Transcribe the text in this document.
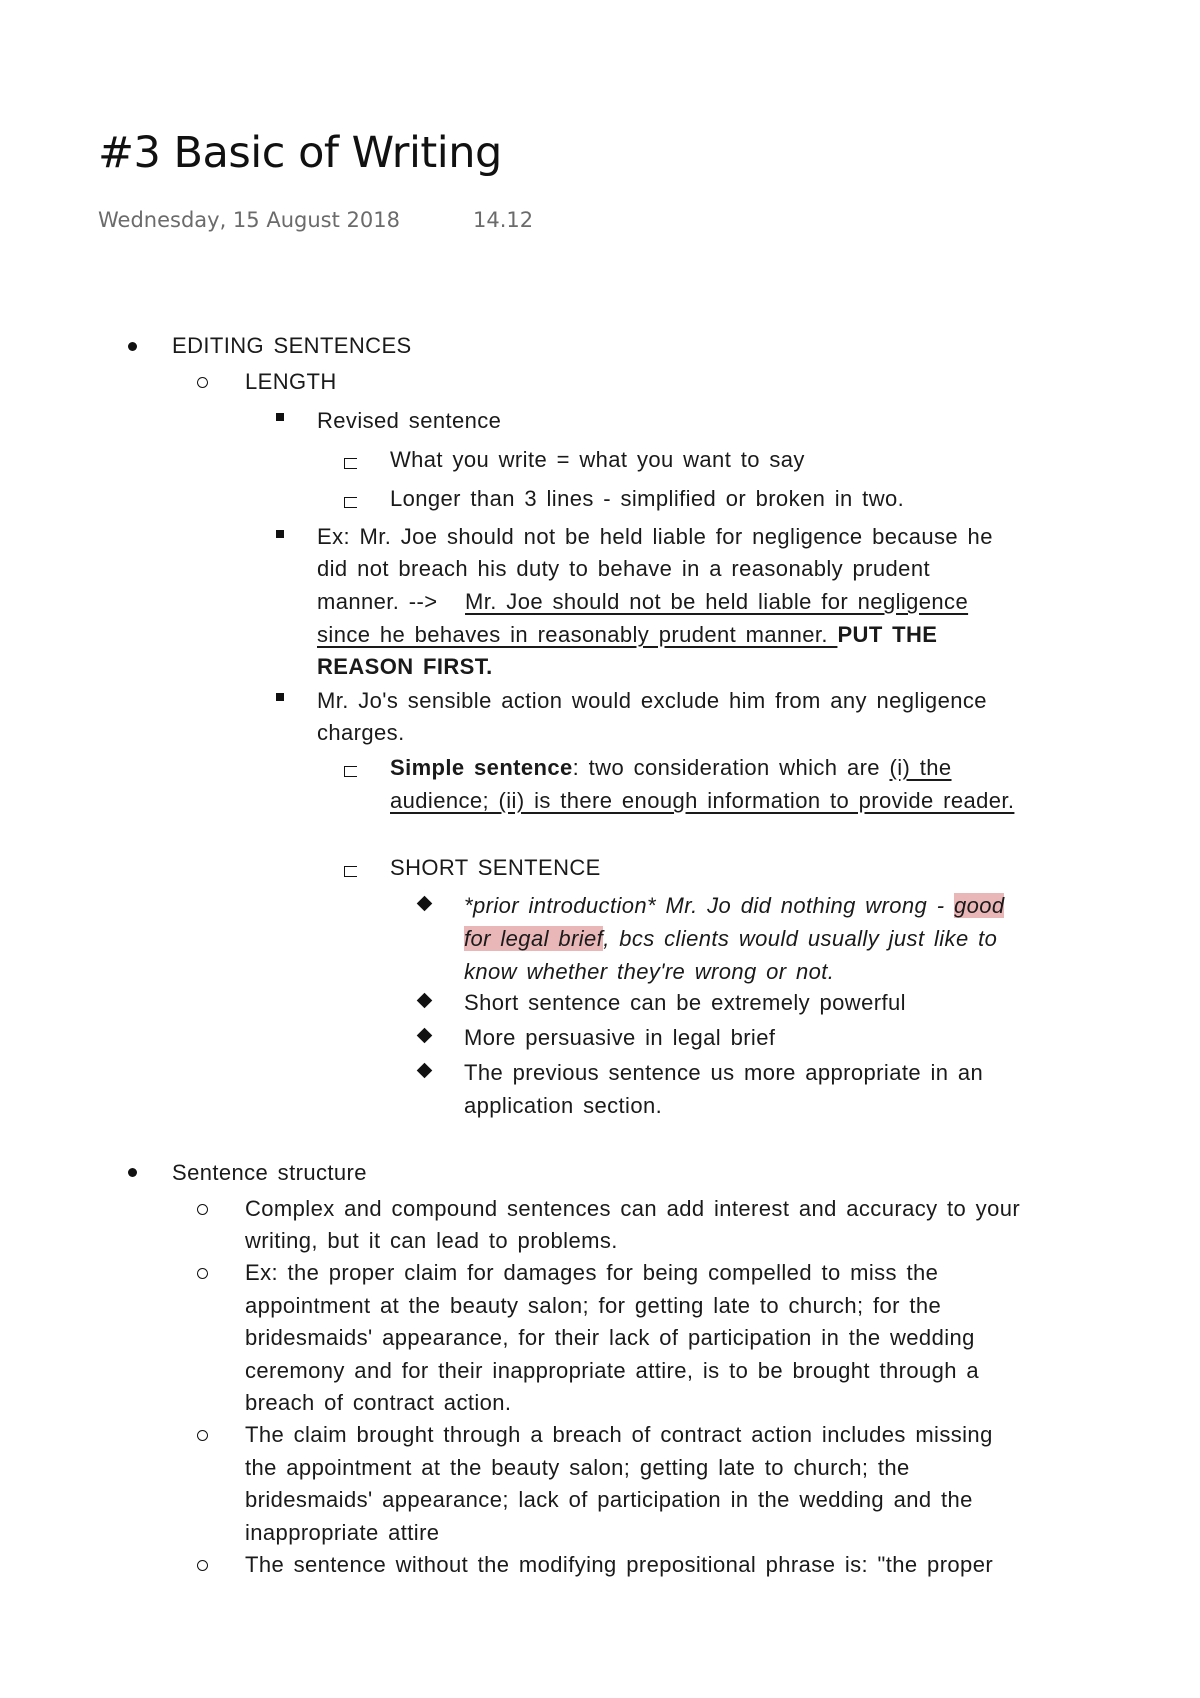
#3 Basic of Writing
Wednesday, 15 August 2018	14.12
EDITING SENTENCES
LENGTH
Revised sentence
What you write = what you want to say
Longer than 3 lines - simplified or broken in two.
Ex: Mr. Joe should not be held liable for negligence because he
did not breach his duty to behave in a reasonably prudent
manner. --> Mr. Joe should not be held liable for negligence
since he behaves in reasonably prudent manner. PUT THE
REASON FIRST.
Mr. Jo's sensible action would exclude him from any negligence
charges.
Simple sentence: two consideration which are (i) the
audience; (ii) is there enough information to provide reader.
SHORT SENTENCE
*prior introduction* Mr. Jo did nothing wrong - good
for legal brief, bcs clients would usually just like to
know whether they're wrong or not.
Short sentence can be extremely powerful
More persuasive in legal brief
The previous sentence us more appropriate in an
application section.
Sentence structure
Complex and compound sentences can add interest and accuracy to your
writing, but it can lead to problems.
Ex: the proper claim for damages for being compelled to miss the
appointment at the beauty salon; for getting late to church; for the
bridesmaids' appearance, for their lack of participation in the wedding
ceremony and for their inappropriate attire, is to be brought through a
breach of contract action.
The claim brought through a breach of contract action includes missing
the appointment at the beauty salon; getting late to church; the
bridesmaids' appearance; lack of participation in the wedding and the
inappropriate attire
The sentence without the modifying prepositional phrase is: "the proper
